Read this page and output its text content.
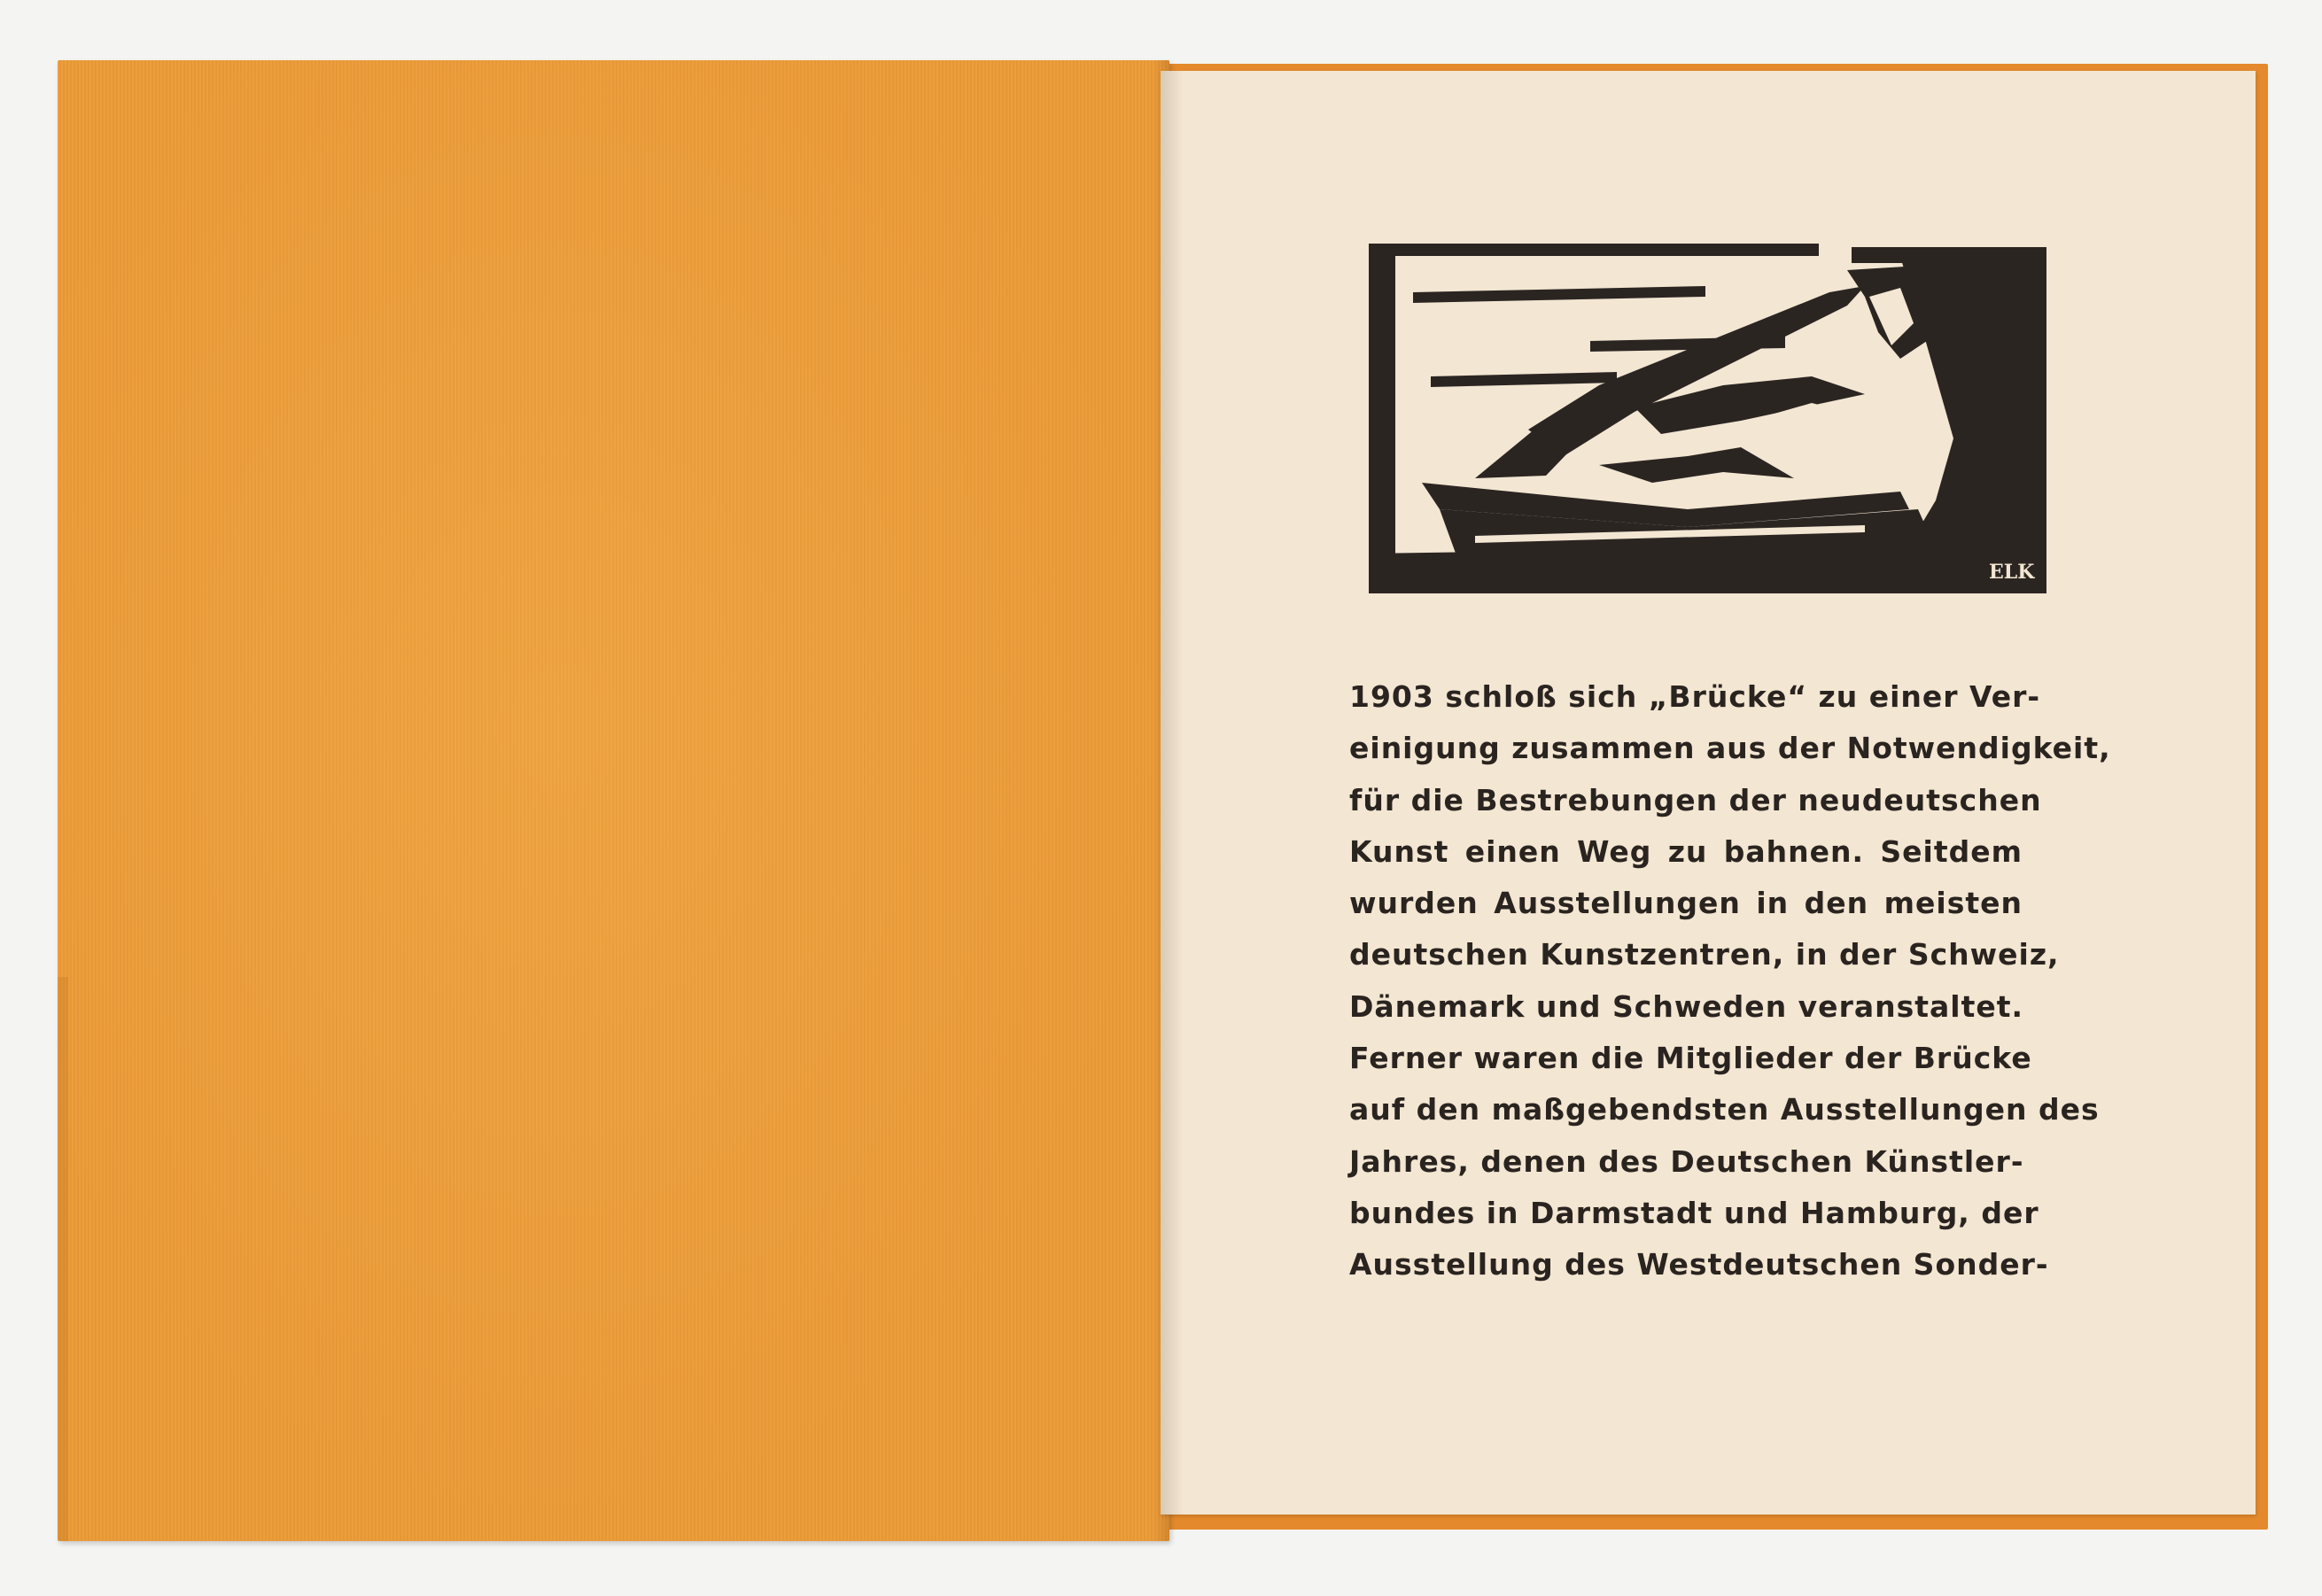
ELK
1903 schloß sich „Brücke“ zu einer Ver-
einigung zusammen aus der Notwendigkeit,
für die Bestrebungen der neudeutschen
Kunst einen Weg zu bahnen. Seitdem
wurden Ausstellungen in den meisten
deutschen Kunstzentren, in der Schweiz,
Dänemark und Schweden veranstaltet.
Ferner waren die Mitglieder der Brücke
auf den maßgebendsten Ausstellungen des
Jahres, denen des Deutschen Künstler-
bundes in Darmstadt und Hamburg, der
Ausstellung des Westdeutschen Sonder-
